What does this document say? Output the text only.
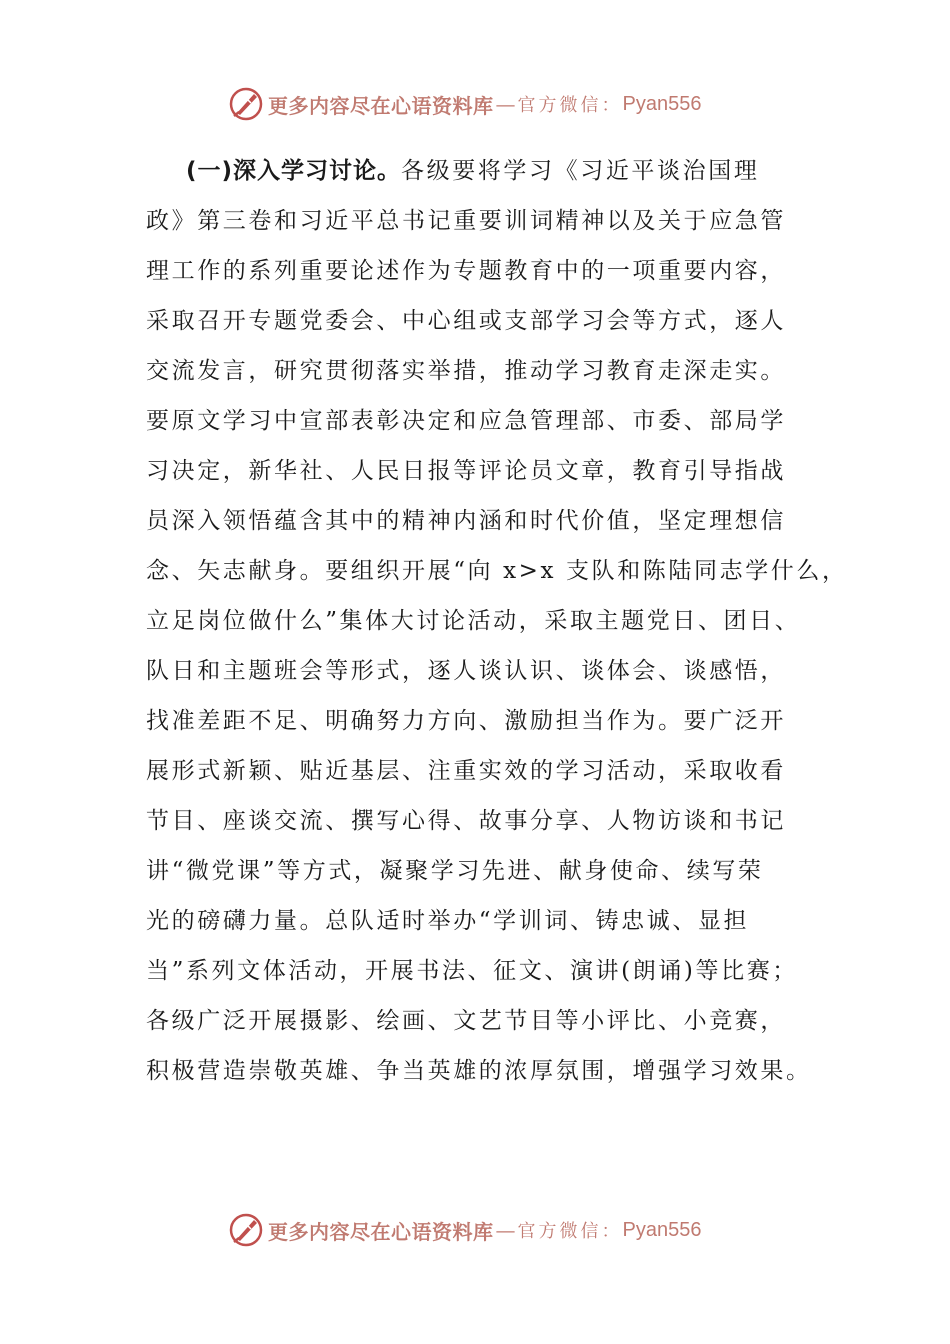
更多内容尽在心语资料库 — 官方微信： Pyan556
(一)深入学习讨论。各级要将学习《习近平谈治国理
政》第三卷和习近平总书记重要训词精神以及关于应急管
理工作的系列重要论述作为专题教育中的一项重要内容，
采取召开专题党委会、中心组或支部学习会等方式，逐人
交流发言，研究贯彻落实举措，推动学习教育走深走实。
要原文学习中宣部表彰决定和应急管理部、市委、部局学
习决定，新华社、人民日报等评论员文章，教育引导指战
员深入领悟蕴含其中的精神内涵和时代价值，坚定理想信
念、矢志献身。要组织开展“向 x>x 支队和陈陆同志学什么，
立足岗位做什么”集体大讨论活动，采取主题党日、团日、
队日和主题班会等形式，逐人谈认识、谈体会、谈感悟，
找准差距不足、明确努力方向、激励担当作为。要广泛开
展形式新颖、贴近基层、注重实效的学习活动，采取收看
节目、座谈交流、撰写心得、故事分享、人物访谈和书记
讲“微党课”等方式，凝聚学习先进、献身使命、续写荣
光的磅礴力量。总队适时举办“学训词、铸忠诚、显担
当”系列文体活动，开展书法、征文、演讲(朗诵)等比赛；
各级广泛开展摄影、绘画、文艺节目等小评比、小竞赛，
积极营造崇敬英雄、争当英雄的浓厚氛围，增强学习效果。
更多内容尽在心语资料库 — 官方微信： Pyan556
